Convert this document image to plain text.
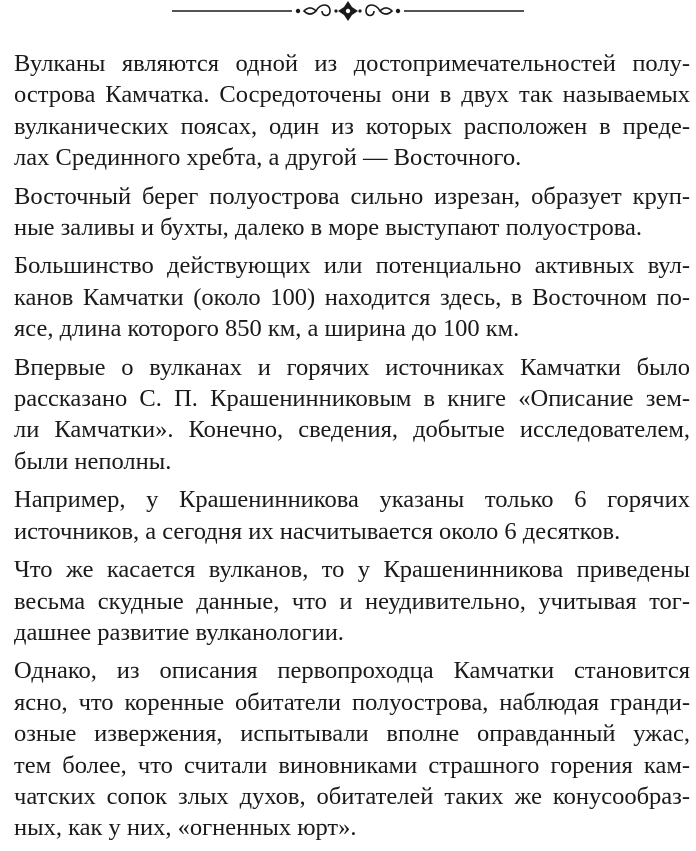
Вулканы являются одной из достопримечательностей полу-
острова Камчатка. Сосредоточены они в двух так называемых
вулканических поясах, один из которых расположен в преде-
лах Срединного хребта, а другой — Восточного.
Восточный берег полуострова сильно изрезан, образует круп-
ные заливы и бухты, далеко в море выступают полуострова.
Большинство действующих или потенциально активных вул-
канов Камчатки (около 100) находится здесь, в Восточном по-
ясе, длина которого 850 км, а ширина до 100 км.
Впервые о вулканах и горячих источниках Камчатки было
рассказано С. П. Крашенинниковым в книге «Описание зем-
ли Камчатки». Конечно, сведения, добытые исследователем,
были неполны.
Например, у Крашенинникова указаны только 6 горячих
источников, а сегодня их насчитывается около 6 десятков.
Что же касается вулканов, то у Крашенинникова приведены
весьма скудные данные, что и неудивительно, учитывая тог-
дашнее развитие вулканологии.
Однако, из описания первопроходца Камчатки становится
ясно, что коренные обитатели полуострова, наблюдая гранди-
озные извержения, испытывали вполне оправданный ужас,
тем более, что считали виновниками страшного горения кам-
чатских сопок злых духов, обитателей таких же конусообраз-
ных, как у них, «огненных юрт».
